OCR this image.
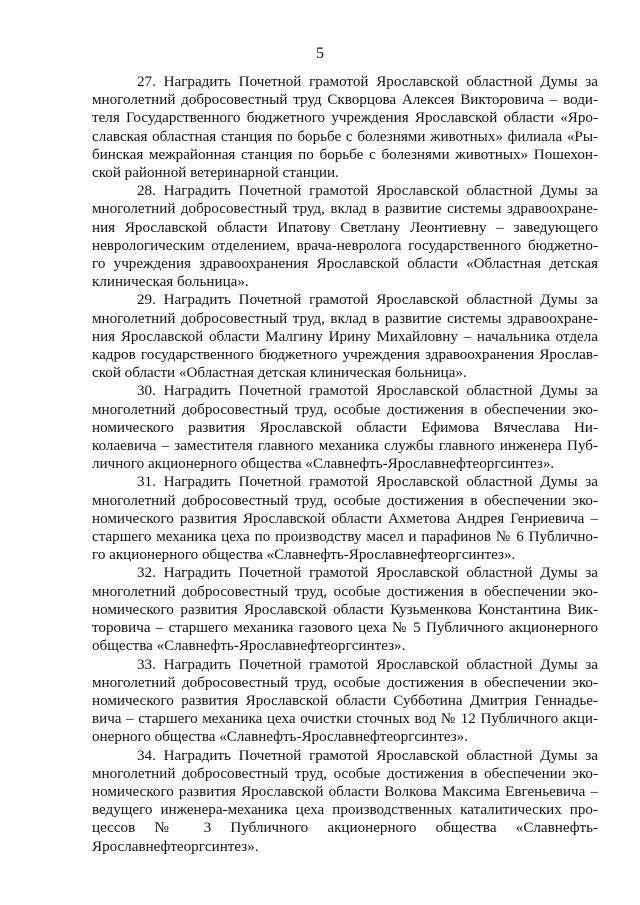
5
27. Наградить Почетной грамотой Ярославской областной Думы за
многолетний добросовестный труд Скворцова Алексея Викторовича – води-
теля Государственного бюджетного учреждения Ярославской области «Яро-
славская областная станция по борьбе с болезнями животных» филиала «Ры-
бинская межрайонная станция по борьбе с болезнями животных» Пошехон-
ской районной ветеринарной станции.
28. Наградить Почетной грамотой Ярославской областной Думы за
многолетний добросовестный труд, вклад в развитие системы здравоохране-
ния Ярославской области Ипатову Светлану Леонтиевну – заведующего
неврологическим отделением, врача-невролога государственного бюджетно-
го учреждения здравоохранения Ярославской области «Областная детская
клиническая больница».
29. Наградить Почетной грамотой Ярославской областной Думы за
многолетний добросовестный труд, вклад в развитие системы здравоохране-
ния Ярославской области Малгину Ирину Михайловну – начальника отдела
кадров государственного бюджетного учреждения здравоохранения Ярослав-
ской области «Областная детская клиническая больница».
30. Наградить Почетной грамотой Ярославской областной Думы за
многолетний добросовестный труд, особые достижения в обеспечении эко-
номического развития Ярославской области Ефимова Вячеслава Ни-
колаевича – заместителя главного механика службы главного инженера Пуб-
личного акционерного общества «Славнефть-Ярославнефтеоргсинтез».
31. Наградить Почетной грамотой Ярославской областной Думы за
многолетний добросовестный труд, особые достижения в обеспечении эко-
номического развития Ярославской области Ахметова Андрея Генриевича –
старшего механика цеха по производству масел и парафинов № 6 Публично-
го акционерного общества «Славнефть-Ярославнефтеоргсинтез».
32. Наградить Почетной грамотой Ярославской областной Думы за
многолетний добросовестный труд, особые достижения в обеспечении эко-
номического развития Ярославской области Кузьменкова Константина Вик-
торовича – старшего механика газового цеха № 5 Публичного акционерного
общества «Славнефть-Ярославнефтеоргсинтез».
33. Наградить Почетной грамотой Ярославской областной Думы за
многолетний добросовестный труд, особые достижения в обеспечении эко-
номического развития Ярославской области Субботина Дмитрия Геннадье-
вича – старшего механика цеха очистки сточных вод № 12 Публичного акци-
онерного общества «Славнефть-Ярославнефтеоргсинтез».
34. Наградить Почетной грамотой Ярославской областной Думы за
многолетний добросовестный труд, особые достижения в обеспечении эко-
номического развития Ярославской области Волкова Максима Евгеньевича –
ведущего инженера-механика цеха производственных каталитических про-
цессов № 3 Публичного акционерного общества «Славнефть-
Ярославнефтеоргсинтез».
